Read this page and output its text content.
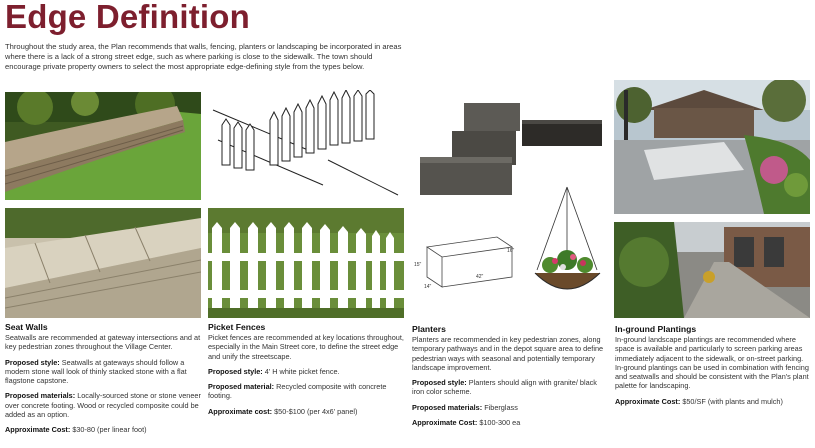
Edge Definition

Throughout the study area, the Plan recommends that walls, fencing, planters or landscaping be incorporated in areas where there is a lack of a strong street edge, such as where parking is close to the sidewalk. The town should encourage private property owners to select the most appropriate edge-defining style from the types below.

16"
15"
42"
14"
Seat Walls

Seatwalls are recommended at gateway intersections and at key pedestrian zones throughout the Village Center.

Proposed style: Seatwalls at gateways should follow a modern stone wall look of thinly stacked stone with a flat flagstone capstone.

Proposed materials: Locally-sourced stone or stone veneer over concrete footing. Wood or recycled composite could be added as an option.

Approximate Cost: $30-80 (per linear foot)

Picket Fences

Picket fences are recommended at key locations throughout, especially in the Main Street core, to define the street edge and unify the streetscape.

Proposed style: 4' H white picket fence.

Proposed material: Recycled composite with concrete footing.

Approximate cost: $50-$100 (per 4x6' panel)

Planters

Planters are recommended in key pedestrian zones, along temporary pathways and in the depot square area to define pedestrian ways with seasonal and potentially temporary landscape improvement.

Proposed style: Planters should align with granite/ black iron color scheme.

Proposed materials: Fiberglass

Approximate Cost: $100-300 ea

In-ground Plantings

In-ground landscape plantings are recommended where space is available and particularly to screen parking areas immediately adjacent to the sidewalk, or on-street parking. In-ground plantings can be used in combination with fencing and seatwalls and should be consistent with the Plan's plant palette for landscaping.

Approximate Cost: $50/SF (with plants and mulch)
